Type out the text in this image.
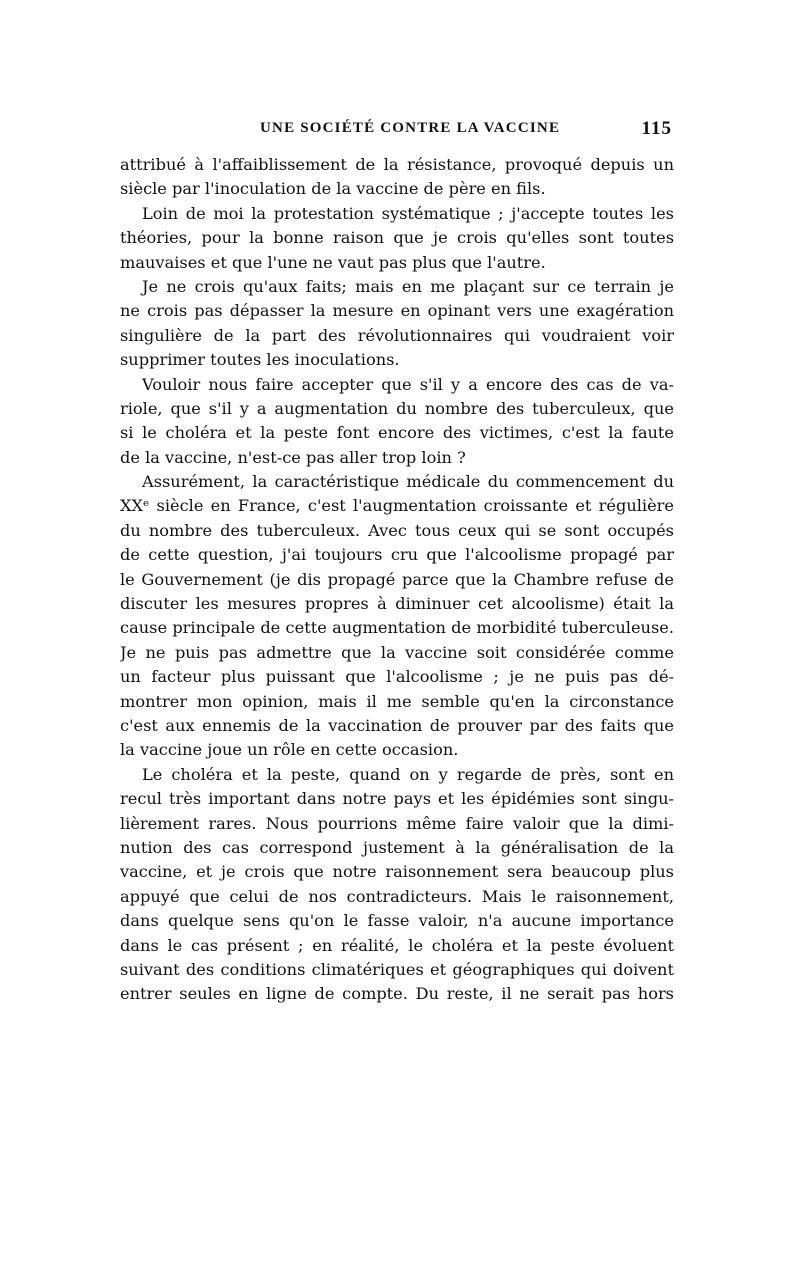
UNE SOCIÉTÉ CONTRE LA VACCINE	115
attribué à l'affaiblissement de la résistance, provoqué depuis un
siècle par l'inoculation de la vaccine de père en fils.
Loin de moi la protestation systématique ; j'accepte toutes les
théories, pour la bonne raison que je crois qu'elles sont toutes
mauvaises et que l'une ne vaut pas plus que l'autre.
Je ne crois qu'aux faits; mais en me plaçant sur ce terrain je
ne crois pas dépasser la mesure en opinant vers une exagération
singulière de la part des révolutionnaires qui voudraient voir
supprimer toutes les inoculations.
Vouloir nous faire accepter que s'il y a encore des cas de va-
riole, que s'il y a augmentation du nombre des tuberculeux, que
si le choléra et la peste font encore des victimes, c'est la faute
de la vaccine, n'est-ce pas aller trop loin ?
Assurément, la caractéristique médicale du commencement du
XXᵉ siècle en France, c'est l'augmentation croissante et régulière
du nombre des tuberculeux. Avec tous ceux qui se sont occupés
de cette question, j'ai toujours cru que l'alcoolisme propagé par
le Gouvernement (je dis propagé parce que la Chambre refuse de
discuter les mesures propres à diminuer cet alcoolisme) était la
cause principale de cette augmentation de morbidité tuberculeuse.
Je ne puis pas admettre que la vaccine soit considérée comme
un facteur plus puissant que l'alcoolisme ; je ne puis pas dé-
montrer mon opinion, mais il me semble qu'en la circonstance
c'est aux ennemis de la vaccination de prouver par des faits que
la vaccine joue un rôle en cette occasion.
Le choléra et la peste, quand on y regarde de près, sont en
recul très important dans notre pays et les épidémies sont singu-
lièrement rares. Nous pourrions même faire valoir que la dimi-
nution des cas correspond justement à la généralisation de la
vaccine, et je crois que notre raisonnement sera beaucoup plus
appuyé que celui de nos contradicteurs. Mais le raisonnement,
dans quelque sens qu'on le fasse valoir, n'a aucune importance
dans le cas présent ; en réalité, le choléra et la peste évoluent
suivant des conditions climatériques et géographiques qui doivent
entrer seules en ligne de compte. Du reste, il ne serait pas hors
